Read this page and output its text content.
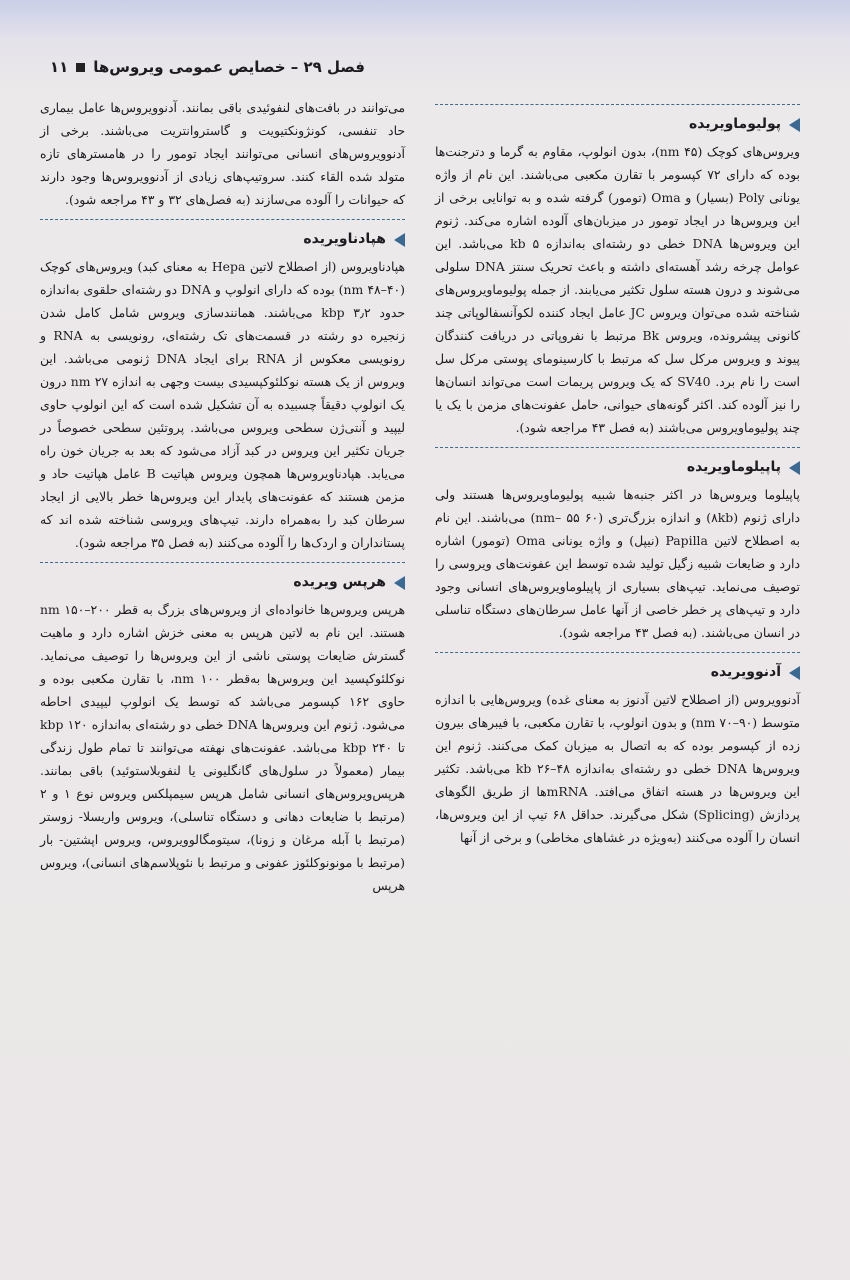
فصل ۲۹ – خصایص عمومی ویروس‌ها
۱۱
پولیوماویریده

ویروس‌های کوچک (۴۵ nm)، بدون انولوپ، مقاوم به گرما و دترجنت‌ها بوده که دارای ۷۲ کپسومر با تقارن مکعبی می‌باشند. این نام از واژه یونانی Poly (بسیار) و Oma (تومور) گرفته شده و به توانایی برخی از این ویروس‌ها در ایجاد تومور در میزبان‌های آلوده اشاره می‌کند. ژنوم این ویروس‌ها DNA خطی دو رشته‌ای به‌اندازه ۵ kb می‌باشد. این عوامل چرخه رشد آهسته‌ای داشته و باعث تحریک سنتز DNA سلولی می‌شوند و درون هسته سلول تکثیر می‌یابند. از جمله پولیوماویروس‌های شناخته شده می‌توان ویروس JC عامل ایجاد کننده لکوآنسفالوپاتی چند کانونی پیشرونده، ویروس Bk مرتبط با نفروپاتی در دریافت کنندگان پیوند و ویروس مرکل سل که مرتبط با کارسینومای پوستی مرکل سل است را نام برد. SV40 که یک ویروس پریمات است می‌تواند انسان‌ها را نیز آلوده کند. اکثر گونه‌های حیوانی، حامل عفونت‌های مزمن با یک یا چند پولیوماویروس می‌باشند (به فصل ۴۳ مراجعه شود).

پاپیلوماویریده

پاپیلوما ویروس‌ها در اکثر جنبه‌ها شبیه پولیوماویروس‌ها هستند ولی دارای ژنوم (۸kb) و اندازه بزرگ‌تری (۶۰ nm– ۵۵) می‌باشند. این نام به اصطلاح لاتین Papilla (نیپل) و واژه یونانی Oma (تومور) اشاره دارد و ضایعات شبیه زگیل تولید شده توسط این عفونت‌های ویروسی را توصیف می‌نماید. تیپ‌های بسیاری از پاپیلوماویروس‌های انسانی وجود دارد و تیپ‌های پر خطر خاصی از آنها عامل سرطان‌های دستگاه تناسلی در انسان می‌باشند. (به فصل ۴۳ مراجعه شود).

آدنوویریده

آدنوویروس (از اصطلاح لاتین آدنوز به معنای غده) ویروس‌هایی با اندازه متوسط (۹۰–۷۰ nm) و بدون انولوپ، با تقارن مکعبی، با فیبرهای بیرون زده از کپسومر بوده که به اتصال به میزبان کمک می‌کنند. ژنوم این ویروس‌ها DNA خطی دو رشته‌ای به‌اندازه ۴۸–۲۶ kb می‌باشد. تکثیر این ویروس‌ها در هسته اتفاق می‌افتد. mRNAها از طریق الگوهای پردازش (Splicing) شکل می‌گیرند. حداقل ۶۸ تیپ از این ویروس‌ها، انسان را آلوده می‌کنند (به‌ویژه در غشاهای مخاطی) و برخی از آنها

می‌توانند در بافت‌های لنفوئیدی باقی بمانند. آدنوویروس‌ها عامل بیماری حاد تنفسی، کونژونکتیویت و گاستروانتریت می‌باشند. برخی از آدنوویروس‌های انسانی می‌توانند ایجاد تومور را در هامسترهای تازه متولد شده القاء کنند. سروتیپ‌های زیادی از آدنوویروس‌ها وجود دارند که حیوانات را آلوده می‌سازند (به فصل‌های ۳۲ و ۴۳ مراجعه شود).

هپادناویریده

هپادناویروس (از اصطلاح لاتین Hepa به معنای کبد) ویروس‌های کوچک (۴۰–۴۸ nm) بوده که دارای انولوپ و DNA دو رشته‌ای حلقوی به‌اندازه حدود ۳٫۲ kbp می‌باشند. همانندسازی ویروس شامل کامل شدن زنجیره دو رشته در قسمت‌های تک رشته‌ای، رونویسی به RNA و رونویسی معکوس از RNA برای ایجاد DNA ژنومی می‌باشد. این ویروس از یک هسته نوکلئوکپسیدی بیست وجهی به اندازه ۲۷ nm درون یک انولوپ دقیقاً چسبیده به آن تشکیل شده است که این انولوپ حاوی لیپید و آنتی‌ژن سطحی ویروس می‌باشد. پروتئین سطحی خصوصاً در جریان تکثیر این ویروس در کبد آزاد می‌شود که بعد به جریان خون راه می‌یابد. هپادناویروس‌ها همچون ویروس هپاتیت B عامل هپاتیت حاد و مزمن هستند که عفونت‌های پایدار این ویروس‌ها خطر بالایی از ایجاد سرطان کبد را به‌همراه دارند. تیپ‌های ویروسی شناخته شده اند که پستانداران و اردک‌ها را آلوده می‌کنند (به فصل ۳۵ مراجعه شود).

هرپس ویریده

هرپس ویروس‌ها خانواده‌ای از ویروس‌های بزرگ به قطر ۲۰۰–۱۵۰ nm هستند. این نام به لاتین هرپس به معنی خزش اشاره دارد و ماهیت گسترش ضایعات پوستی ناشی از این ویروس‌ها را توصیف می‌نماید. نوکلئوکپسید این ویروس‌ها به‌قطر ۱۰۰ nm، با تقارن مکعبی بوده و حاوی ۱۶۲ کپسومر می‌باشد که توسط یک انولوپ لیپیدی احاطه می‌شود. ژنوم این ویروس‌ها DNA خطی دو رشته‌ای به‌اندازه ۱۲۰ kbp تا ۲۴۰ kbp می‌باشد. عفونت‌های نهفته می‌توانند تا تمام طول زندگی بیمار (معمولاً در سلول‌های گانگلیونی یا لنفوبلاستوئید) باقی بمانند. هرپس‌ویروس‌های انسانی شامل هرپس سیمپلکس ویروس نوع ۱ و ۲ (مرتبط با ضایعات دهانی و دستگاه تناسلی)، ویروس واریسلا- زوستر (مرتبط با آبله مرغان و زونا)، سیتومگالوویروس، ویروس اپشتین- بار (مرتبط با مونونوکلئوز عفونی و مرتبط با نئوپلاسم‌های انسانی)، ویروس هرپس
